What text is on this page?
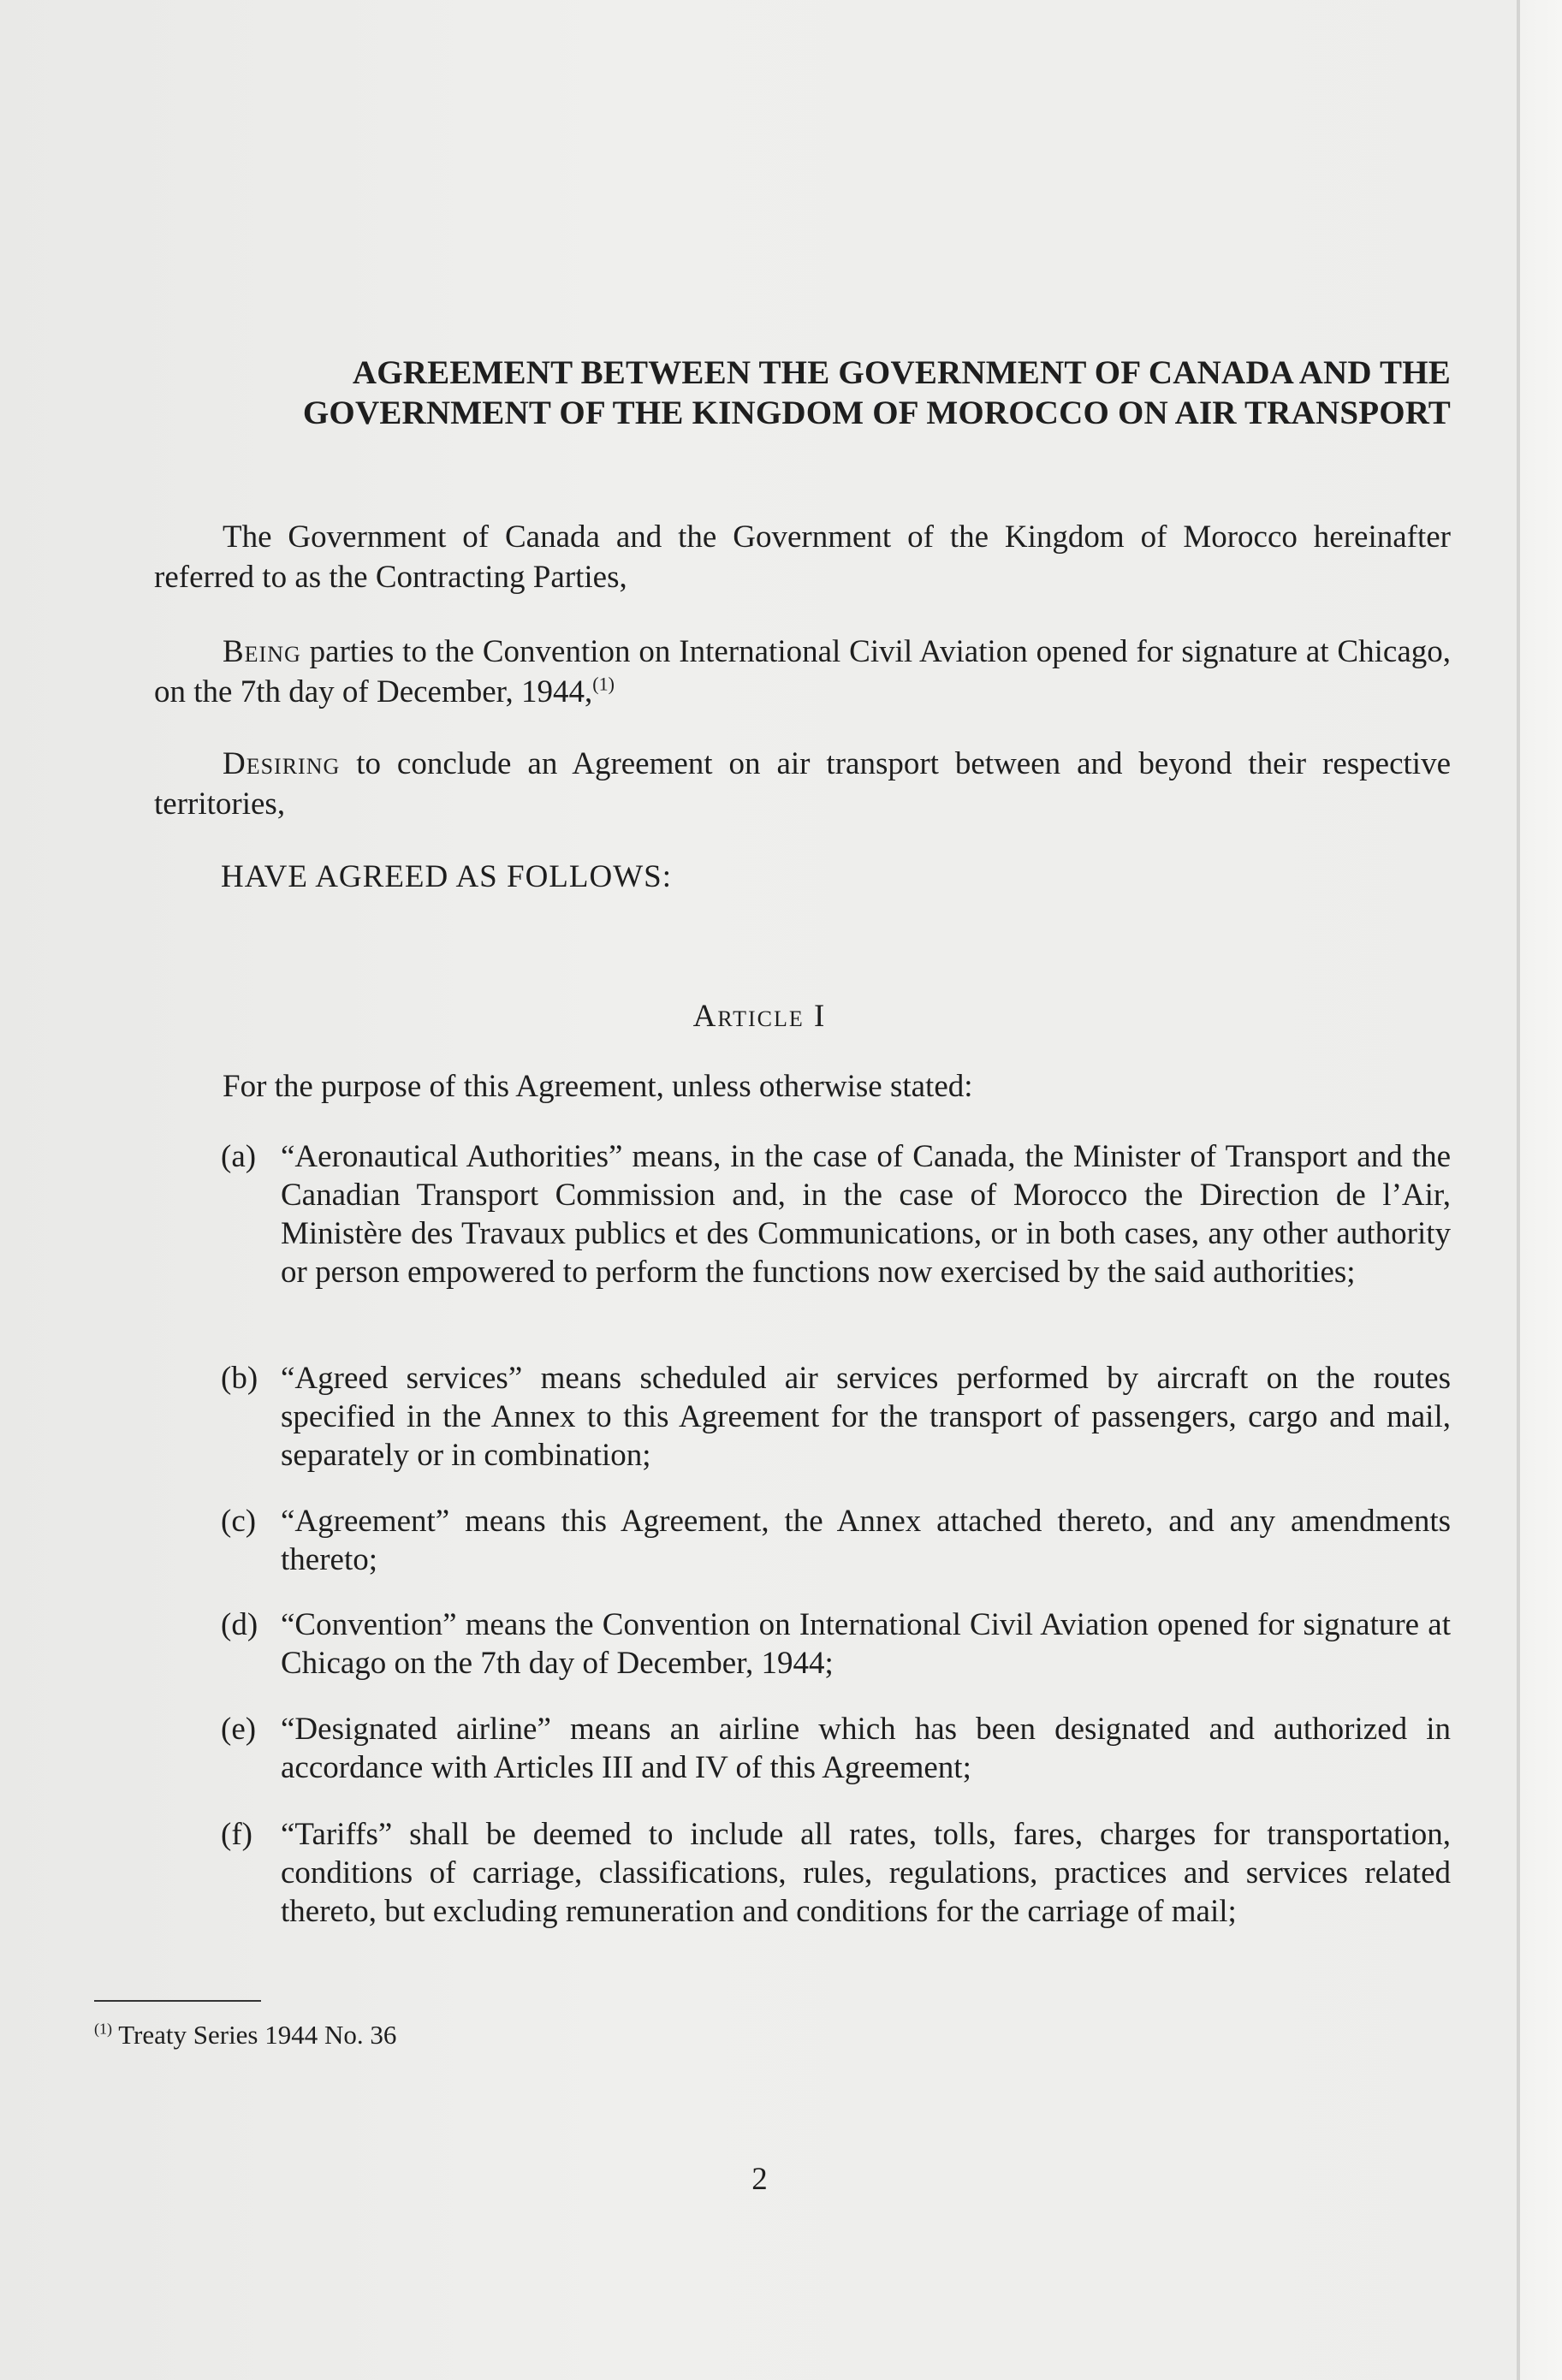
AGREEMENT BETWEEN THE GOVERNMENT OF CANADA AND THE
GOVERNMENT OF THE KINGDOM OF MOROCCO ON AIR TRANSPORT

The Government of Canada and the Government of the Kingdom of Morocco hereinafter referred to as the Contracting Parties,

Being parties to the Convention on International Civil Aviation opened for signature at Chicago, on the 7th day of December, 1944,$^{(1)}$

Desiring to conclude an Agreement on air transport between and beyond their respective territories,

HAVE AGREED AS FOLLOWS:
Article I

For the purpose of this Agreement, unless otherwise stated:

(a) “Aeronautical Authorities” means, in the case of Canada, the Minister of Transport and the Canadian Transport Commission and, in the case of Morocco the Direction de l’Air, Ministère des Travaux publics et des Communications, or in both cases, any other authority or person empowered to perform the functions now exercised by the said authorities;
(b) “Agreed services” means scheduled air services performed by aircraft on the routes specified in the Annex to this Agreement for the transport of passengers, cargo and mail, separately or in combination;
(c) “Agreement” means this Agreement, the Annex attached thereto, and any amendments thereto;
(d) “Convention” means the Convention on International Civil Aviation opened for signature at Chicago on the 7th day of December, 1944;
(e) “Designated airline” means an airline which has been designated and authorized in accordance with Articles III and IV of this Agreement;
(f) “Tariffs” shall be deemed to include all rates, tolls, fares, charges for transportation, conditions of carriage, classifications, rules, regulations, practices and services related thereto, but excluding remuneration and conditions for the carriage of mail;
$^{(1)}$ Treaty Series 1944 No. 36
2
